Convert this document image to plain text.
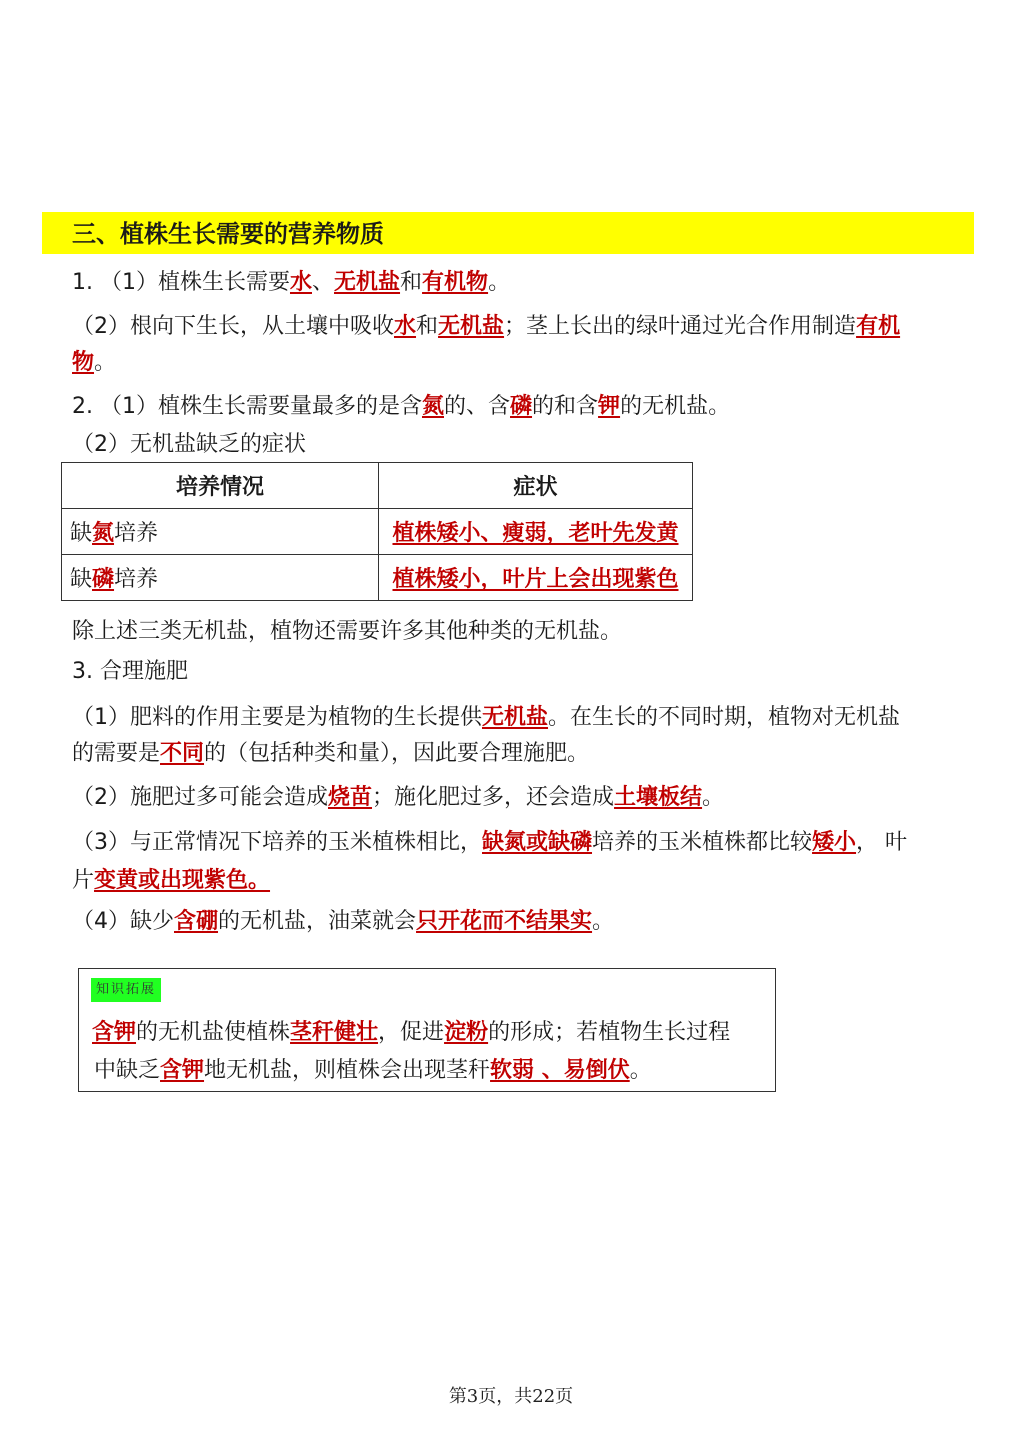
三、植株生长需要的营养物质
1. （1）植株生长需要水、无机盐和有机物。
（2）根向下生长，从土壤中吸收水和无机盐；茎上长出的绿叶通过光合作用制造有机
物。
2. （1）植株生长需要量最多的是含氮的、含磷的和含钾的无机盐。
（2）无机盐缺乏的症状
培养情况	症状
缺氮培养	植株矮小、瘦弱，老叶先发黄
缺磷培养	植株矮小，叶片上会出现紫色
除上述三类无机盐，植物还需要许多其他种类的无机盐。
3. 合理施肥
（1）肥料的作用主要是为植物的生长提供无机盐。在生长的不同时期，植物对无机盐
的需要是不同的（包括种类和量），因此要合理施肥。
（2）施肥过多可能会造成烧苗；施化肥过多，还会造成土壤板结。
（3）与正常情况下培养的玉米植株相比，缺氮或缺磷培养的玉米植株都比较矮小， 叶
片变黄或出现紫色。
（4）缺少含硼的无机盐，油菜就会只开花而不结果实。
知识拓展
含钾的无机盐使植株茎秆健壮，促进淀粉的形成；若植物生长过程
中缺乏含钾地无机盐，则植株会出现茎秆软弱 、易倒伏。
第3页，共22页
